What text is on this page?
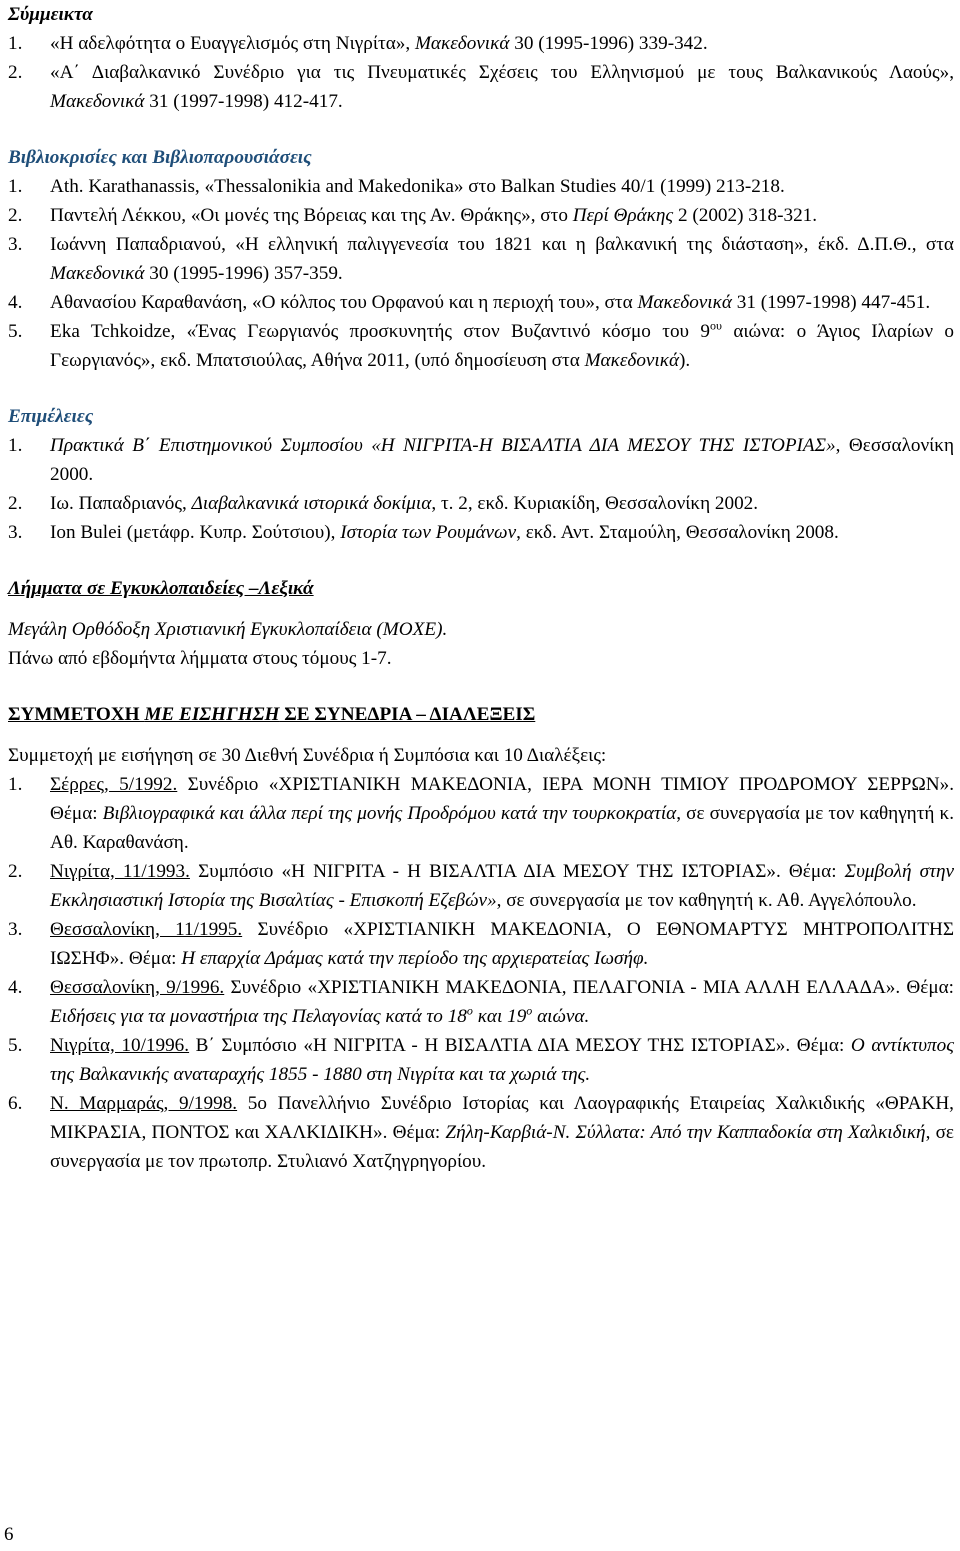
Σύμμεικτα

1.	«Η αδελφότητα ο Ευαγγελισμός στη Νιγρίτα», Μακεδονικά 30 (1995-1996) 339-342.
2.	«Α΄ Διαβαλκανικό Συνέδριο για τις Πνευματικές Σχέσεις του Ελληνισμού με τους Βαλκανικούς Λαούς», Μακεδονικά 31 (1997-1998) 412-417.

Βιβλιοκρισίες και Βιβλιοπαρουσιάσεις

1.	Ath. Karathanassis, «Thessalonikia and Makedonika» στο Balkan Studies 40/1 (1999) 213-218.
2.	Παντελή Λέκκου, «Οι μονές της Βόρειας και της Αν. Θράκης», στο Περί Θράκης 2 (2002) 318-321.
3.	Ιωάννη Παπαδριανού, «Η ελληνική παλιγγενεσία του 1821 και η βαλκανική της διάσταση», έκδ. Δ.Π.Θ., στα Μακεδονικά 30 (1995-1996) 357-359.
4.	Αθανασίου Καραθανάση, «Ο κόλπος του Ορφανού και η περιοχή του», στα Μακεδονικά 31 (1997-1998) 447-451.
5.	Eka Tchkoidze, «Ένας Γεωργιανός προσκυνητής στον Βυζαντινό κόσμο του $9^{o\upsilon}$ αιώνα: ο Άγιος Ιλαρίων ο Γεωργιανός», εκδ. Μπατσιούλας, Αθήνα 2011, (υπό δημοσίευση στα Μακεδονικά).

Επιμέλειες

1.	Πρακτικά Β΄ Επιστημονικού Συμποσίου «Η ΝΙΓΡΙΤΑ-Η ΒΙΣΑΛΤΙΑ ΔΙΑ ΜΕΣΟΥ ΤΗΣ ΙΣΤΟΡΙΑΣ», Θεσσαλονίκη 2000.
2.	Ιω. Παπαδριανός, Διαβαλκανικά ιστορικά δοκίμια, τ. 2, εκδ. Κυριακίδη, Θεσσαλονίκη 2002.
3.	Ion Bulei (μετάφρ. Κυπρ. Σούτσιου), Ιστορία των Ρουμάνων, εκδ. Αντ. Σταμούλη, Θεσσαλονίκη 2008.

Λήμματα σε Εγκυκλοπαιδείες –Λεξικά

Μεγάλη Ορθόδοξη Χριστιανική Εγκυκλοπαίδεια (ΜΟΧΕ).

Πάνω από εβδομήντα λήμματα στους τόμους 1-7.

ΣΥΜΜΕΤΟΧΗ ΜΕ ΕΙΣΗΓΗΣΗ ΣΕ ΣΥΝΕΔΡΙΑ – ΔΙΑΛΕΞΕΙΣ

Συμμετοχή με εισήγηση σε 30 Διεθνή Συνέδρια ή Συμπόσια και 10 Διαλέξεις:

1.	Σέρρες, 5/1992. Συνέδριο «ΧΡΙΣΤΙΑΝΙΚΗ ΜΑΚΕΔΟΝΙΑ, ΙΕΡΑ ΜΟΝΗ ΤΙΜΙΟΥ ΠΡΟΔΡΟΜΟΥ ΣΕΡΡΩΝ». Θέμα: Βιβλιογραφικά και άλλα περί της μονής Προδρόμου κατά την τουρκοκρατία, σε συνεργασία με τον καθηγητή κ. Αθ. Καραθανάση.
2.	Νιγρίτα, 11/1993. Συμπόσιο «Η ΝΙΓΡΙΤΑ - Η ΒΙΣΑΛΤΙΑ ΔΙΑ ΜΕΣΟΥ ΤΗΣ ΙΣΤΟΡΙΑΣ». Θέμα: Συμβολή στην Εκκλησιαστική Ιστορία της Βισαλτίας - Επισκοπή Εζεβών», σε συνεργασία με τον καθηγητή κ. Αθ. Αγγελόπουλο.
3.	Θεσσαλονίκη, 11/1995. Συνέδριο «ΧΡΙΣΤΙΑΝΙΚΗ ΜΑΚΕΔΟΝΙΑ, Ο ΕΘΝΟΜΑΡΤΥΣ ΜΗΤΡΟΠΟΛΙΤΗΣ ΙΩΣΗΦ». Θέμα: Η επαρχία Δράμας κατά την περίοδο της αρχιερατείας Ιωσήφ.
4.	Θεσσαλονίκη, 9/1996. Συνέδριο «ΧΡΙΣΤΙΑΝΙΚΗ ΜΑΚΕΔΟΝΙΑ, ΠΕΛΑΓΟΝΙΑ - ΜΙΑ ΑΛΛΗ ΕΛΛΑΔΑ». Θέμα: Ειδήσεις για τα μοναστήρια της Πελαγονίας κατά το $18^o$ και $19^o$ αιώνα.
5.	Νιγρίτα, 10/1996. Β΄ Συμπόσιο «Η ΝΙΓΡΙΤΑ - Η ΒΙΣΑΛΤΙΑ ΔΙΑ ΜΕΣΟΥ ΤΗΣ ΙΣΤΟΡΙΑΣ». Θέμα: Ο αντίκτυπος της Βαλκανικής αναταραχής 1855 - 1880 στη Νιγρίτα και τα χωριά της.
6.	Ν. Μαρμαράς, 9/1998. 5ο Πανελλήνιο Συνέδριο Ιστορίας και Λαογραφικής Εταιρείας Χαλκιδικής «ΘΡΑΚΗ, ΜΙΚΡΑΣΙΑ, ΠΟΝΤΟΣ και ΧΑΛΚΙΔΙΚΗ». Θέμα: Ζήλη-Καρβιά-Ν. Σύλλατα: Από την Καππαδοκία στη Χαλκιδική, σε συνεργασία με τον πρωτοπρ. Στυλιανό Χατζηγρηγορίου.
6
